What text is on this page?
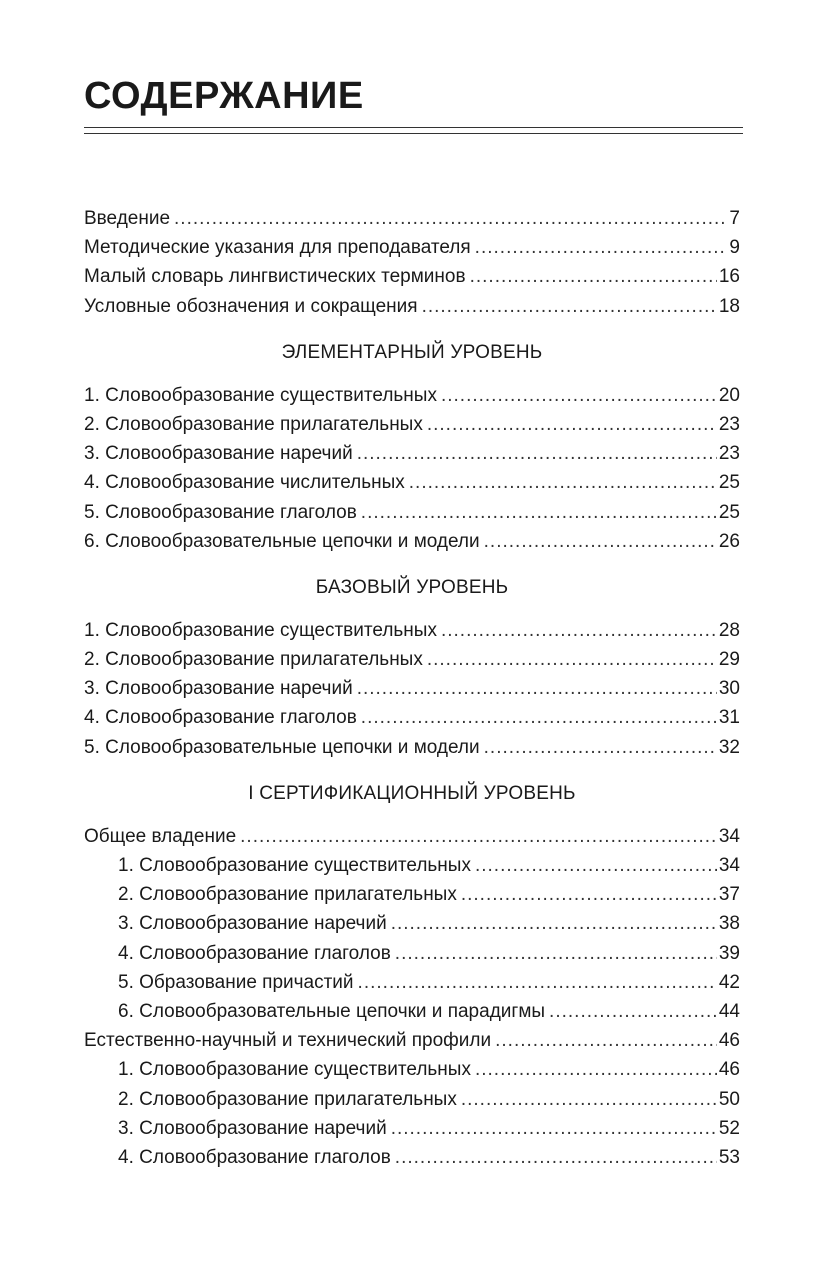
СОДЕРЖАНИЕ
Введение .....	7
Методические указания для преподавателя .....	9
Малый словарь лингвистических терминов .....	16
Условные обозначения и сокращения .....	18
ЭЛЕМЕНТАРНЫЙ УРОВЕНЬ
1. Словообразование существительных .....	20
2. Словообразование прилагательных .....	23
3. Словообразование наречий .....	23
4. Словообразование числительных .....	25
5. Словообразование глаголов .....	25
6. Словообразовательные цепочки и модели .....	26
БАЗОВЫЙ УРОВЕНЬ
1. Словообразование существительных .....	28
2. Словообразование прилагательных .....	29
3. Словообразование наречий .....	30
4. Словообразование глаголов .....	31
5. Словообразовательные цепочки и модели .....	32
I СЕРТИФИКАЦИОННЫЙ УРОВЕНЬ
Общее владение .....	34
1. Словообразование существительных .....	34
2. Словообразование прилагательных .....	37
3. Словообразование наречий .....	38
4. Словообразование глаголов .....	39
5. Образование причастий .....	42
6. Словообразовательные цепочки и парадигмы .....	44
Естественно-научный и технический профили .....	46
1. Словообразование существительных .....	46
2. Словообразование прилагательных .....	50
3. Словообразование наречий .....	52
4. Словообразование глаголов .....	53
